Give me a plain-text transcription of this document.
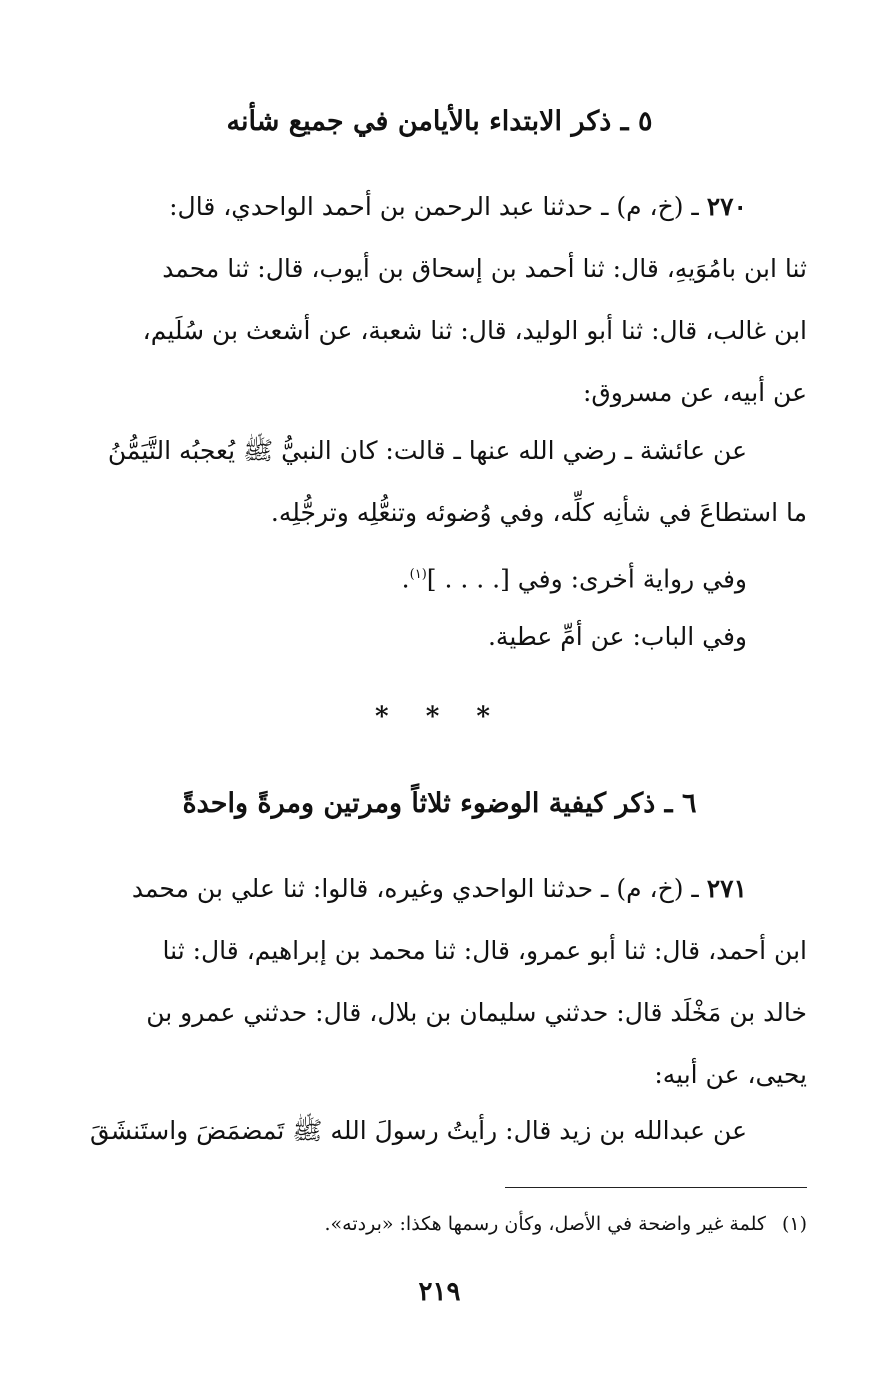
٥ ـ ذكر الابتداء بالأيامن في جميع شأنه
٢٧٠ ـ (خ، م) ـ حدثنا عبد الرحمن بن أحمد الواحدي، قال:
ثنا ابن بامُوَيهِ، قال: ثنا أحمد بن إسحاق بن أيوب، قال: ثنا محمد
ابن غالب، قال: ثنا أبو الوليد، قال: ثنا شعبة، عن أشعث بن سُلَيم،
عن أبيه، عن مسروق:
عن عائشة ـ رضي الله عنها ـ قالت: كان النبيُّ ﷺ يُعجبُه التَّيَمُّنُ
ما استطاعَ في شأنِه كلِّه، وفي وُضوئه وتنعُّلِه وترجُّلِه.
وفي رواية أخرى: وفي [. . . . ]$^{(١)}$.
وفي الباب: عن أمِّ عطية.
* * *
٦ ـ ذكر كيفية الوضوء ثلاثاً ومرتين ومرةً واحدةً
٢٧١ ـ (خ، م) ـ حدثنا الواحدي وغيره، قالوا: ثنا علي بن محمد
ابن أحمد، قال: ثنا أبو عمرو، قال: ثنا محمد بن إبراهيم، قال: ثنا
خالد بن مَخْلَد قال: حدثني سليمان بن بلال، قال: حدثني عمرو بن
يحيى، عن أبيه:
عن عبدالله بن زيد قال: رأيتُ رسولَ الله ﷺ تَمضمَضَ واستَنشَقَ
(١)كلمة غير واضحة في الأصل، وكأن رسمها هكذا: «بردته».
٢١٩
